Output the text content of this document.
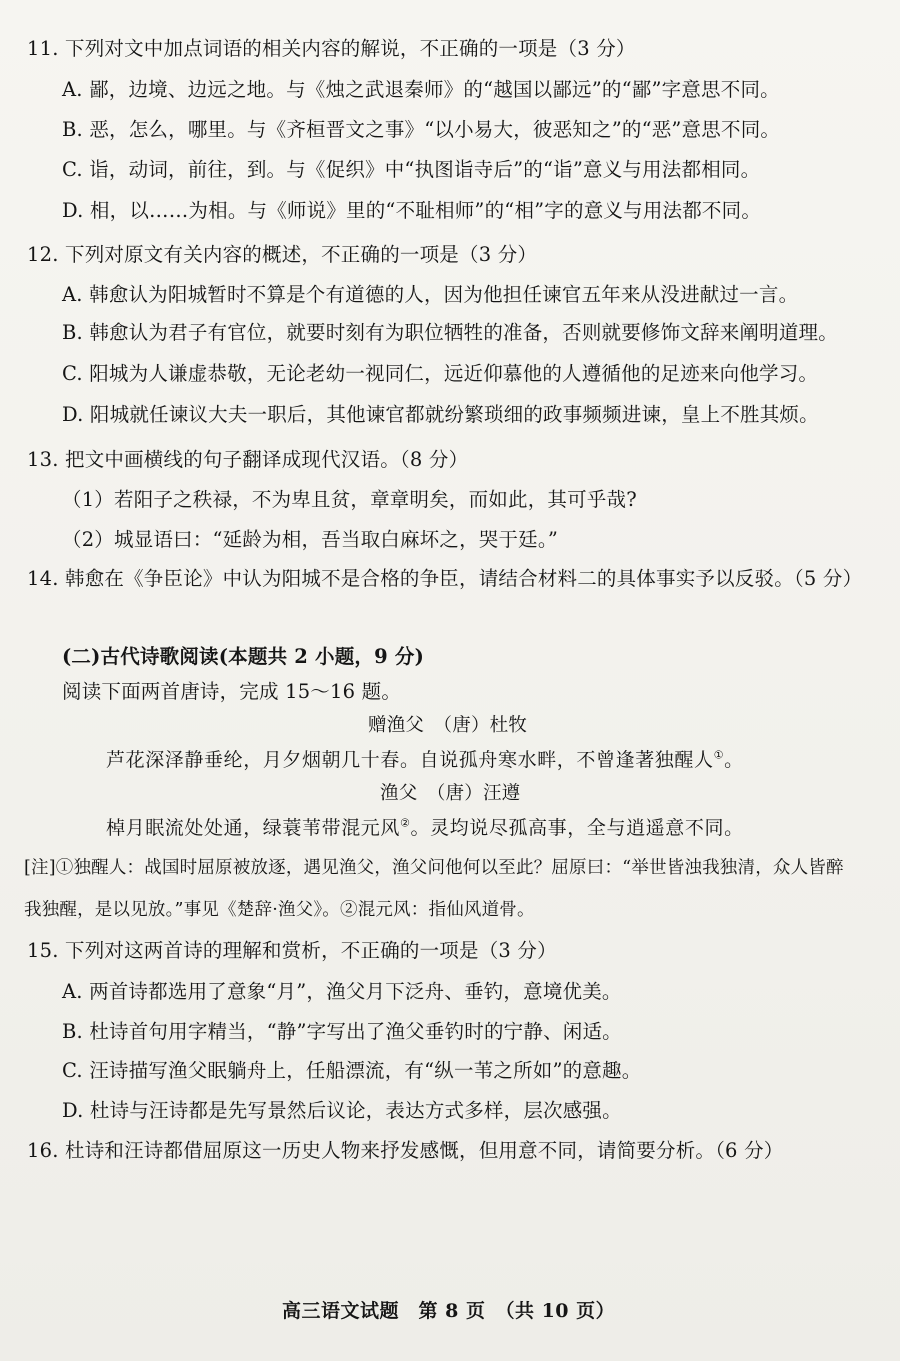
11. 下列对文中加点词语的相关内容的解说，不正确的一项是（3 分）
A. 鄙，边境、边远之地。与《烛之武退秦师》的“越国以鄙远”的“鄙”字意思不同。
B. 恶，怎么，哪里。与《齐桓晋文之事》“以小易大，彼恶知之”的“恶”意思不同。
C. 诣，动词，前往，到。与《促织》中“执图诣寺后”的“诣”意义与用法都相同。
D. 相，以……为相。与《师说》里的“不耻相师”的“相”字的意义与用法都不同。
12. 下列对原文有关内容的概述，不正确的一项是（3 分）
A. 韩愈认为阳城暂时不算是个有道德的人，因为他担任谏官五年来从没进献过一言。
B. 韩愈认为君子有官位，就要时刻有为职位牺牲的准备，否则就要修饰文辞来阐明道理。
C. 阳城为人谦虚恭敬，无论老幼一视同仁，远近仰慕他的人遵循他的足迹来向他学习。
D. 阳城就任谏议大夫一职后，其他谏官都就纷繁琐细的政事频频进谏，皇上不胜其烦。
13. 把文中画横线的句子翻译成现代汉语。（8 分）
（1）若阳子之秩禄，不为卑且贫，章章明矣，而如此，其可乎哉?
（2）城显语曰：“延龄为相，吾当取白麻坏之，哭于廷。”
14. 韩愈在《争臣论》中认为阳城不是合格的争臣，请结合材料二的具体事实予以反驳。（5 分）
(二)古代诗歌阅读(本题共 2 小题，9 分)
阅读下面两首唐诗，完成 15～16 题。
赠渔父　（唐）杜牧
芦花深泽静垂纶，月夕烟朝几十春。自说孤舟寒水畔，不曾逢著独醒人①。
渔父　（唐）汪遵
棹月眠流处处通，绿蓑苇带混元风②。灵均说尽孤高事，全与逍遥意不同。
[注]①独醒人：战国时屈原被放逐，遇见渔父，渔父问他何以至此？屈原曰：“举世皆浊我独清，众人皆醉
我独醒，是以见放。”事见《楚辞·渔父》。②混元风：指仙风道骨。
15. 下列对这两首诗的理解和赏析，不正确的一项是（3 分）
A. 两首诗都选用了意象“月”，渔父月下泛舟、垂钓，意境优美。
B. 杜诗首句用字精当，“静”字写出了渔父垂钓时的宁静、闲适。
C. 汪诗描写渔父眠躺舟上，任船漂流，有“纵一苇之所如”的意趣。
D. 杜诗与汪诗都是先写景然后议论，表达方式多样，层次感强。
16. 杜诗和汪诗都借屈原这一历史人物来抒发感慨，但用意不同，请简要分析。（6 分）
高三语文试题　第 8 页　（共 10 页）
